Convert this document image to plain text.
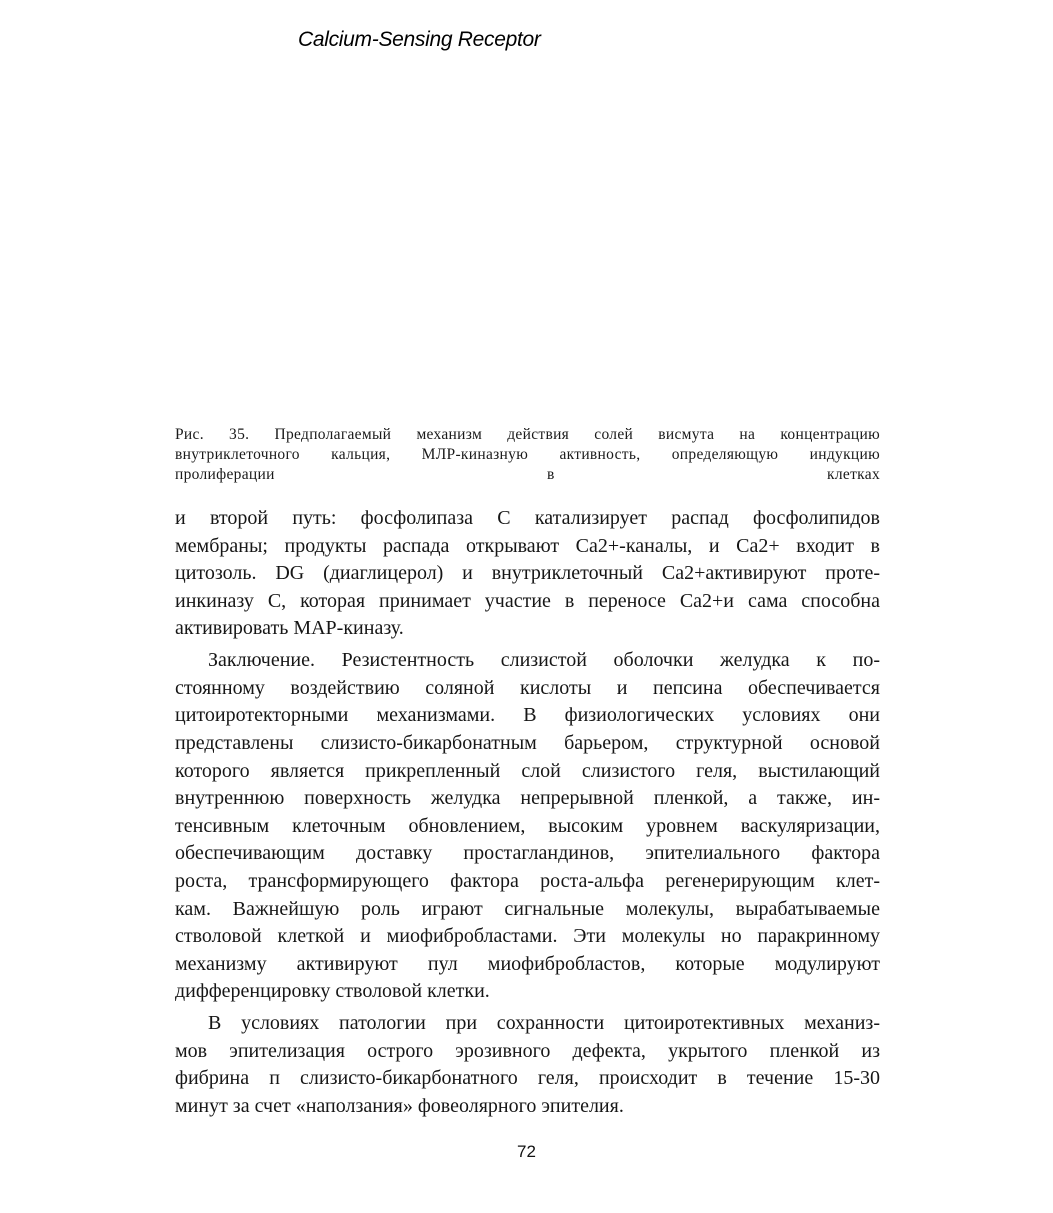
Calcium-Sensing Receptor
Рис. 35. Предполагаемый механизм действия солей висмута на концентрацию
внутриклеточного кальция, МЛР-киназную активность, определяющую индукцию
пролиферации в клетках
и второй путь: фосфолипаза С катализирует распад фосфолипидов
мембраны; продукты распада открывают Са2+-каналы, и Са2+ входит в
цитозоль. DG (диаглицерол) и внутриклеточный Са2+активируют проте-
инкиназу С, которая принимает участие в переносе Са2+и сама способна
активировать МАР-киназу.
Заключение. Резистентность слизистой оболочки желудка к по-
стоянному воздействию соляной кислоты и пепсина обеспечивается
цитоиротекторными механизмами. В физиологических условиях они
представлены слизисто-бикарбонатным барьером, структурной основой
которого является прикрепленный слой слизистого геля, выстилающий
внутреннюю поверхность желудка непрерывной пленкой, а также, ин-
тенсивным клеточным обновлением, высоким уровнем васкуляризации,
обеспечивающим доставку простагландинов, эпителиального фактора
роста, трансформирующего фактора роста-альфа регенерирующим клет-
кам. Важнейшую роль играют сигнальные молекулы, вырабатываемые
стволовой клеткой и миофибробластами. Эти молекулы но паракринному
механизму активируют пул миофибробластов, которые модулируют
дифференцировку стволовой клетки.
В условиях патологии при сохранности цитоиротективных механиз-
мов эпителизация острого эрозивного дефекта, укрытого пленкой из
фибрина п слизисто-бикарбонатного геля, происходит в течение 15-30
минут за счет «наползания» фовеолярного эпителия.
72
